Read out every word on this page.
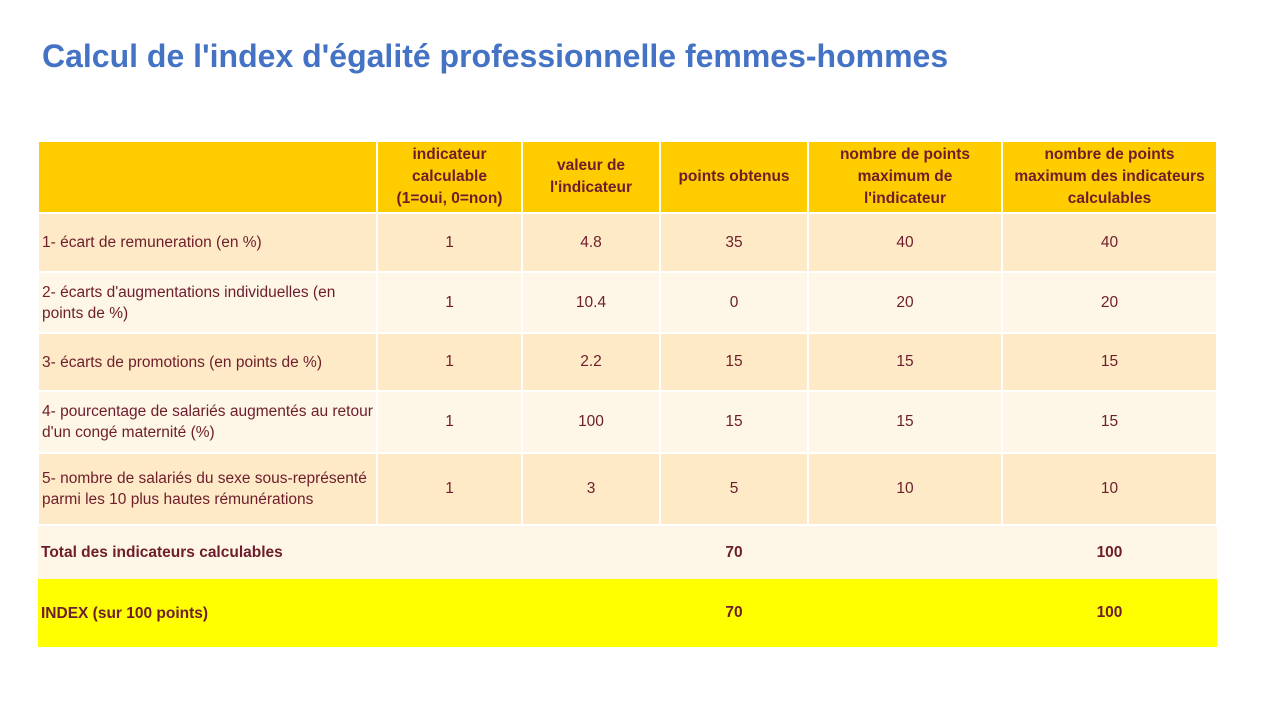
Calcul de l'index d'égalité professionnelle femmes-hommes
	indicateur calculable (1=oui, 0=non)	valeur de l'indicateur	points obtenus	nombre de points maximum de l'indicateur	nombre de points maximum des indicateurs calculables
1- écart de remuneration (en %)	1	4.8	35	40	40
2- écarts d'augmentations individuelles (en points de %)	1	10.4	0	20	20
3- écarts de promotions (en points de %)	1	2.2	15	15	15
4- pourcentage de salariés augmentés au retour d'un congé maternité (%)	1	100	15	15	15
5- nombre de salariés du sexe sous-représenté parmi les 10 plus hautes rémunérations	1	3	5	10	10
Total des indicateurs calculables			70		100
INDEX (sur 100 points)			70		100
